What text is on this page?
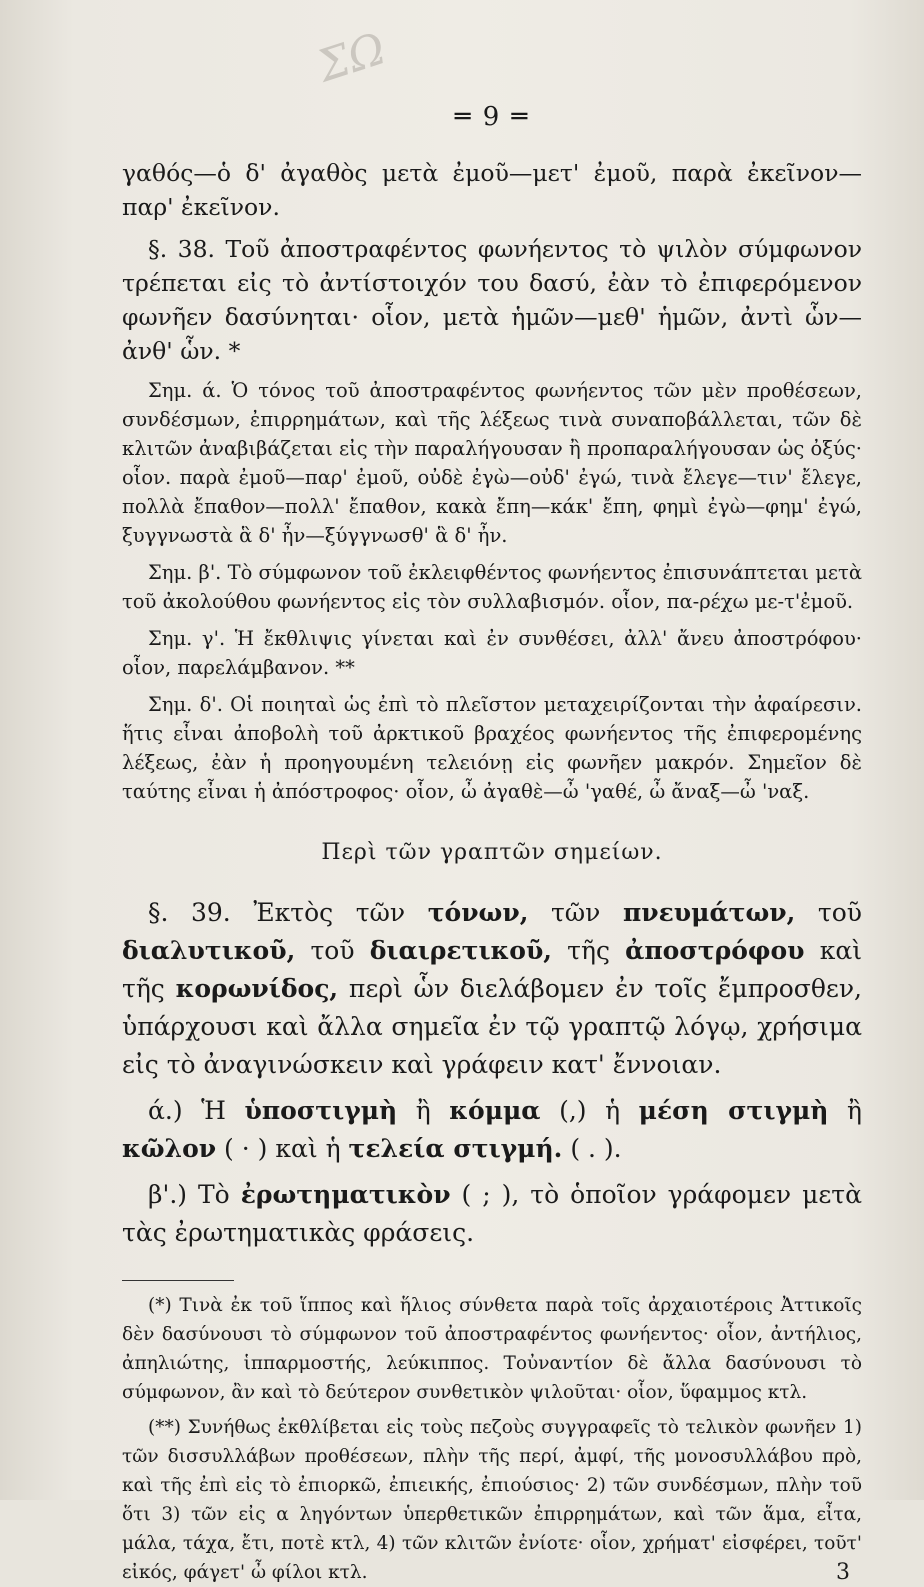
ΣΩ
═ 9 ═

γαθός—ὁ δ' ἀγαθὸς μετὰ ἐμοῦ—μετ' ἐμοῦ, παρὰ ἐκεῖνον—παρ' ἐκεῖνον.

§. 38. Τοῦ ἀποστραφέντος φωνήεντος τὸ ψιλὸν σύμφωνον τρέπεται εἰς τὸ ἀντίστοιχόν του δασύ, ἐὰν τὸ ἐπιφερόμενον φωνῆεν δασύνηται· οἷον, μετὰ ἡμῶν—μεθ' ἡμῶν, ἀντὶ ὧν— ἀνθ' ὧν. *

Σημ. ά. Ὁ τόνος τοῦ ἀποστραφέντος φωνήεντος τῶν μὲν προθέσεων, συνδέσμων, ἐπιρρημάτων, καὶ τῆς λέξεως τινὰ συναποβάλλεται, τῶν δὲ κλιτῶν ἀναβιβάζεται εἰς τὴν παραλήγουσαν ἢ προπαραλήγουσαν ὡς ὀξύς· οἷον. παρὰ ἐμοῦ—παρ' ἐμοῦ, οὐδὲ ἐγὼ—οὐδ' ἐγώ, τινὰ ἔλεγε—τιν' ἔλεγε, πολλὰ ἔπαθον—πολλ' ἔπαθον, κακὰ ἔπη—κάκ' ἔπη, φημὶ ἐγὼ—φημ' ἐγώ, ξυγγνωστὰ ἃ δ' ἦν—ξύγγνωσθ' ἃ δ' ἦν.

Σημ. β'. Τὸ σύμφωνον τοῦ ἐκλειφθέντος φωνήεντος ἐπισυνάπτεται μετὰ τοῦ ἀκολούθου φωνήεντος εἰς τὸν συλλαβισμόν. οἷον, πα-ρέχω με-τ'ἐμοῦ.

Σημ. γ'. Ἡ ἔκθλιψις γίνεται καὶ ἐν συνθέσει, ἀλλ' ἄνευ ἀποστρόφου· οἷον, παρελάμβανον. **

Σημ. δ'. Οἱ ποιηταὶ ὡς ἐπὶ τὸ πλεῖστον μεταχειρίζονται τὴν ἀφαίρεσιν. ἥτις εἶναι ἀποβολὴ τοῦ ἀρκτικοῦ βραχέος φωνήεντος τῆς ἐπιφερομένης λέξεως, ἐὰν ἡ προηγουμένη τελειόνῃ εἰς φωνῆεν μακρόν. Σημεῖον δὲ ταύτης εἶναι ἡ ἀπόστροφος· οἷον, ὦ ἀγαθὲ—ὦ 'γαθέ, ὦ ἄναξ—ὦ 'ναξ.

Περὶ τῶν γραπτῶν σημείων.

§. 39. Ἐκτὸς τῶν τόνων, τῶν πνευμάτων, τοῦ διαλυτικοῦ, τοῦ διαιρετικοῦ, τῆς ἀποστρόφου καὶ τῆς κορωνίδος, περὶ ὧν διελάβομεν ἐν τοῖς ἔμπροσθεν, ὑπάρχουσι καὶ ἄλλα σημεῖα ἐν τῷ γραπτῷ λόγῳ, χρήσιμα εἰς τὸ ἀναγινώσκειν καὶ γράφειν κατ' ἔννοιαν.

ά.) Ἡ ὑποστιγμὴ ἢ κόμμα (,) ἡ μέση στιγμὴ ἢ κῶλον ( · ) καὶ ἡ τελεία στιγμή. ( . ).

β'.) Τὸ ἐρωτηματικὸν ( ; ), τὸ ὁποῖον γράφομεν μετὰ τὰς ἐρωτηματικὰς φράσεις.

(*) Τινὰ ἐκ τοῦ ἵππος καὶ ἥλιος σύνθετα παρὰ τοῖς ἀρχαιοτέροις Ἀττικοῖς δὲν δασύνουσι τὸ σύμφωνον τοῦ ἀποστραφέντος φωνήεντος· οἷον, ἀντήλιος, ἀπηλιώτης, ἱππαρμοστής, λεύκιππος. Τοὐναντίον δὲ ἄλλα δασύνουσι τὸ σύμφωνον, ἂν καὶ τὸ δεύτερον συνθετικὸν ψιλοῦται· οἷον, ὕφαμμος κτλ.

(**) Συνήθως ἐκθλίβεται εἰς τοὺς πεζοὺς συγγραφεῖς τὸ τελικὸν φωνῆεν 1) τῶν δισσυλλάβων προθέσεων, πλὴν τῆς περί, ἀμφί, τῆς μονοσυλλάβου πρὸ, καὶ τῆς ἐπὶ εἰς τὸ ἐπιορκῶ, ἐπιεικής, ἐπιούσιος· 2) τῶν συνδέσμων, πλὴν τοῦ ὅτι 3) τῶν εἰς α ληγόντων ὑπερθετικῶν ἐπιρρημάτων, καὶ τῶν ἅμα, εἶτα, μάλα, τάχα, ἔτι, ποτὲ κτλ, 4) τῶν κλιτῶν ἐνίοτε· οἷον, χρήματ' εἰσφέρει, τοῦτ' εἰκός, φάγετ' ὦ φίλοι κτλ.	3
